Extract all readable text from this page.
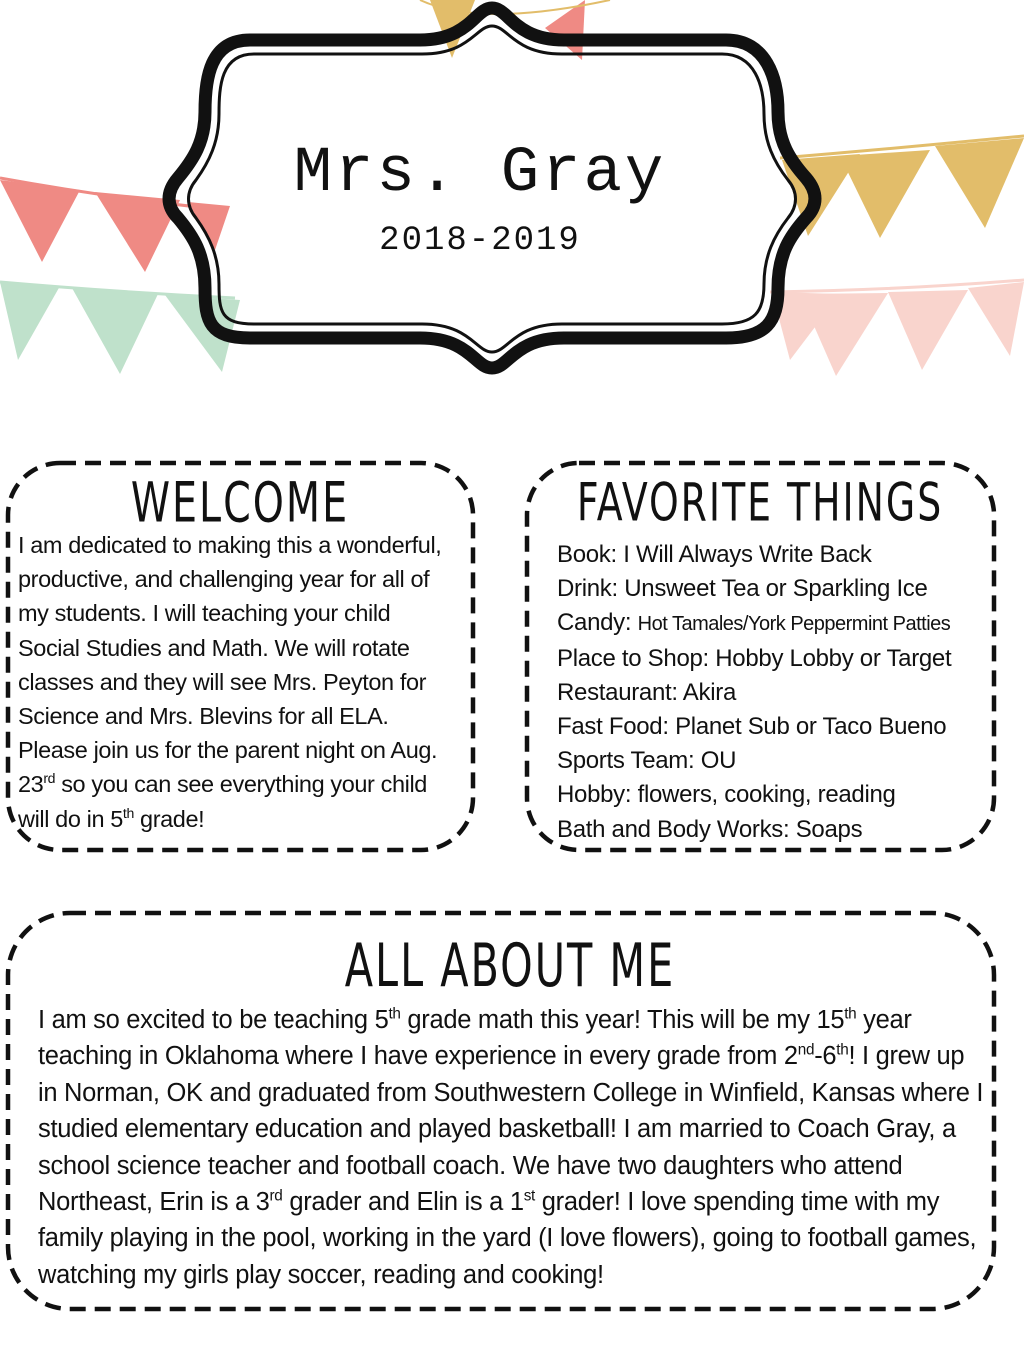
Mrs. Gray
2018-2019
WELCOME
I am dedicated to making this a wonderful, productive, and challenging year for all of my students. I will teaching your child Social Studies and Math. We will rotate classes and they will see Mrs. Peyton for Science and Mrs. Blevins for all ELA. Please join us for the parent night on Aug. 23rd so you can see everything your child will do in 5th grade!
FAVORITE THINGS
Book: I Will Always Write Back
Drink: Unsweet Tea or Sparkling Ice
Candy: Hot Tamales/York Peppermint Patties
Place to Shop: Hobby Lobby or Target
Restaurant: Akira
Fast Food: Planet Sub or Taco Bueno
Sports Team: OU
Hobby: flowers, cooking, reading
Bath and Body Works: Soaps
ALL ABOUT ME
I am so excited to be teaching 5th grade math this year! This will be my 15th year teaching in Oklahoma where I have experience in every grade from 2nd-6th! I grew up in Norman, OK and graduated from Southwestern College in Winfield, Kansas where I studied elementary education and played basketball! I am married to Coach Gray, a school science teacher and football coach. We have two daughters who attend Northeast, Erin is a 3rd grader and Elin is a 1st grader! I love spending time with my family playing in the pool, working in the yard (I love flowers), going to football games, watching my girls play soccer, reading and cooking!
